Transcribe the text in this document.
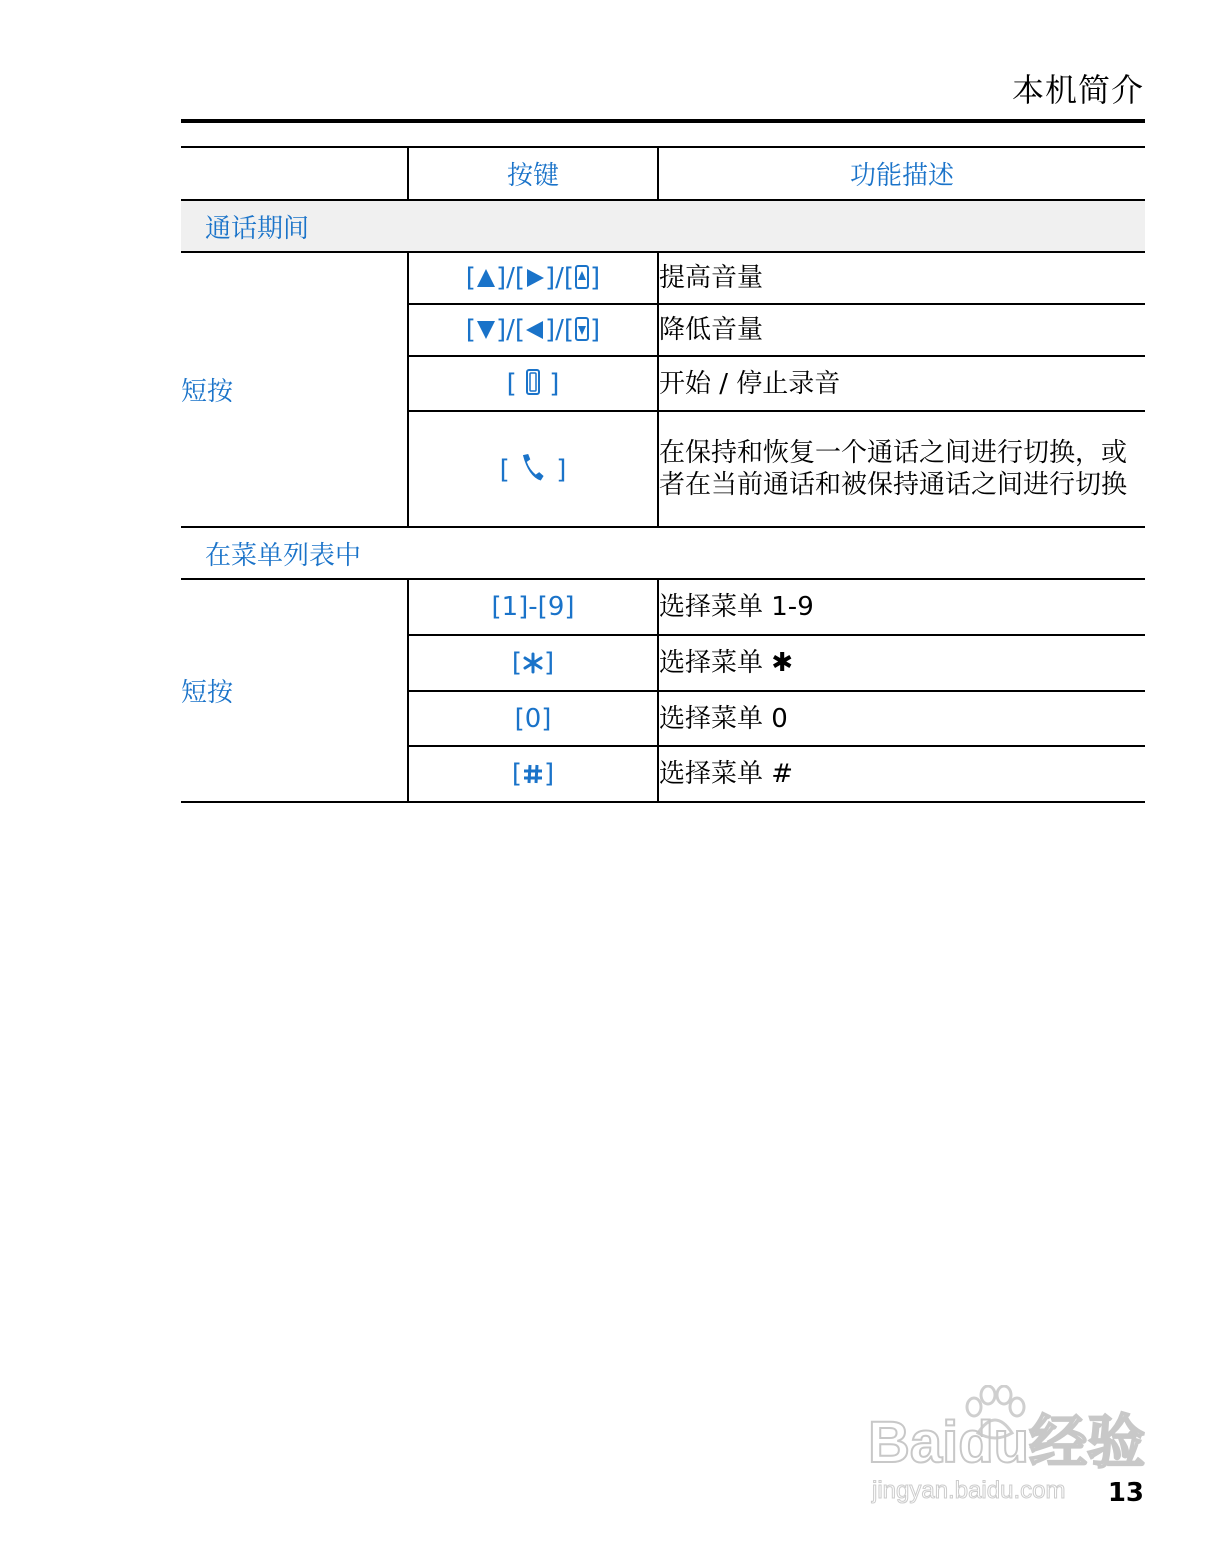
本机简介
	按键	功能描述
通话期间		
短按	[ ]/[ ]/[ ]	提高音量
	[ ]/[ ]/[ ]	降低音量
	[  ]	开始 / 停止录音
	[  ]	在保持和恢复一个通话之间进行切换，或者在当前通话和被保持通话之间进行切换
在菜单列表中		
短按	[1]-[9]	选择菜单 1-9
	[ ]	选择菜单 ✱
	[0]	选择菜单 0
	[ ]	选择菜单 #
Baidu经验
jingyan.baidu.com 13
